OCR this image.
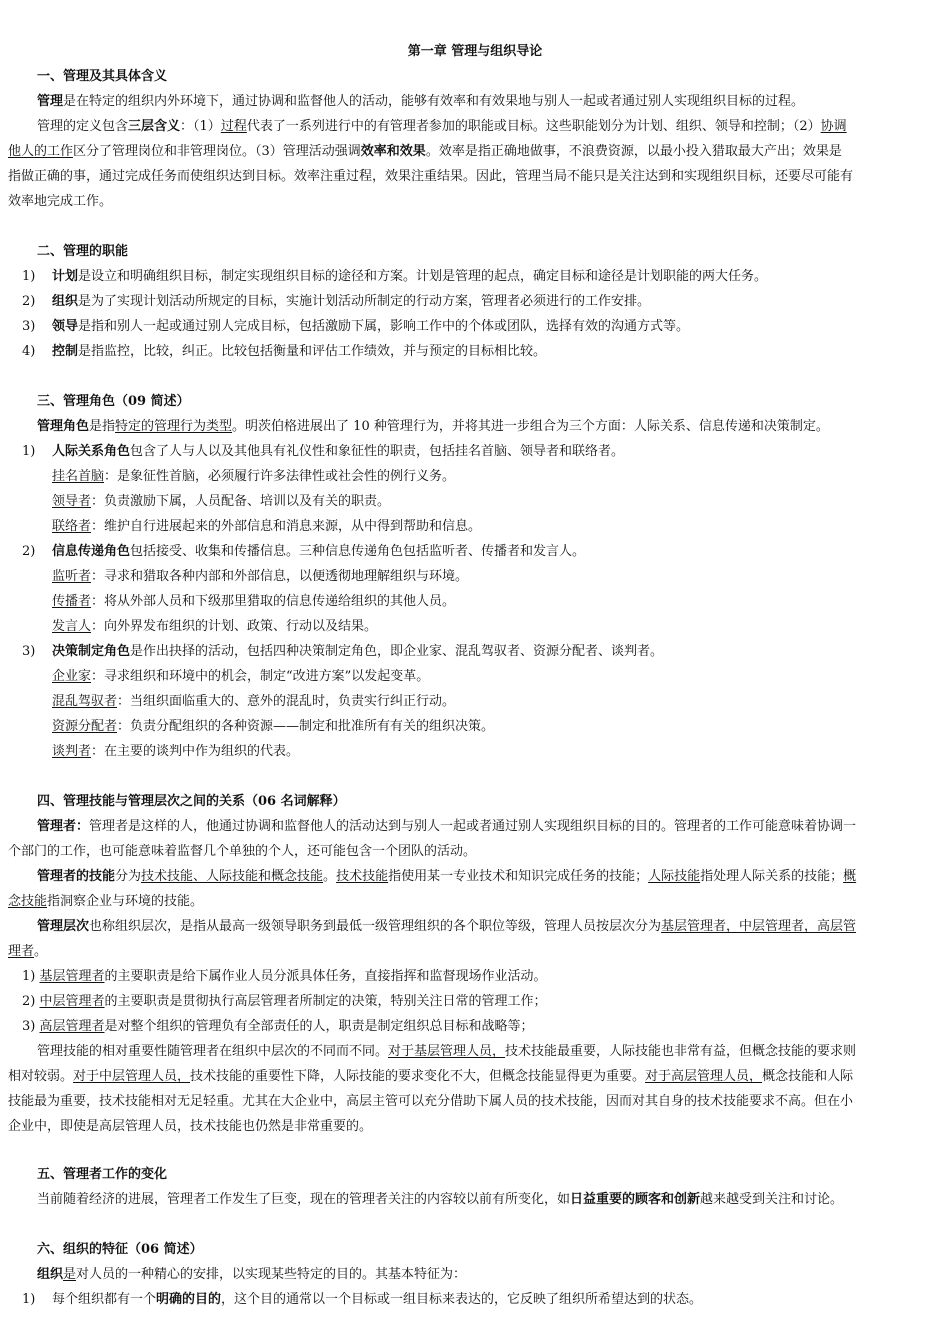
第一章 管理与组织导论
一、管理及其具体含义
管理是在特定的组织内外环境下，通过协调和监督他人的活动，能够有效率和有效果地与别人一起或者通过别人实现组织目标的过程。
管理的定义包含三层含义：（1）过程代表了一系列进行中的有管理者参加的职能或目标。这些职能划分为计划、组织、领导和控制；（2）协调
他人的工作区分了管理岗位和非管理岗位。（3）管理活动强调效率和效果。效率是指正确地做事，不浪费资源，以最小投入猎取最大产出；效果是
指做正确的事，通过完成任务而使组织达到目标。效率注重过程，效果注重结果。因此，管理当局不能只是关注达到和实现组织目标，还要尽可能有
效率地完成工作。
二、管理的职能
1)	计划是设立和明确组织目标，制定实现组织目标的途径和方案。计划是管理的起点，确定目标和途径是计划职能的两大任务。
2)	组织是为了实现计划活动所规定的目标，实施计划活动所制定的行动方案，管理者必须进行的工作安排。
3)	领导是指和别人一起或通过别人完成目标，包括激励下属，影响工作中的个体或团队，选择有效的沟通方式等。
4)	控制是指监控，比较，纠正。比较包括衡量和评估工作绩效，并与预定的目标相比较。
三、管理角色（09 简述）
管理角色是指特定的管理行为类型。明茨伯格进展出了 10 种管理行为，并将其进一步组合为三个方面：人际关系、信息传递和决策制定。
1)	人际关系角色包含了人与人以及其他具有礼仪性和象征性的职责，包括挂名首脑、领导者和联络者。
挂名首脑：是象征性首脑，必须履行许多法律性或社会性的例行义务。
领导者：负责激励下属，人员配备、培训以及有关的职责。
联络者：维护自行进展起来的外部信息和消息来源，从中得到帮助和信息。
2)	信息传递角色包括接受、收集和传播信息。三种信息传递角色包括监听者、传播者和发言人。
监听者：寻求和猎取各种内部和外部信息，以便透彻地理解组织与环境。
传播者：将从外部人员和下级那里猎取的信息传递给组织的其他人员。
发言人：向外界发布组织的计划、政策、行动以及结果。
3)	决策制定角色是作出抉择的活动，包括四种决策制定角色，即企业家、混乱驾驭者、资源分配者、谈判者。
企业家：寻求组织和环境中的机会，制定“改进方案”以发起变革。
混乱驾驭者：当组织面临重大的、意外的混乱时，负责实行纠正行动。
资源分配者：负责分配组织的各种资源——制定和批准所有有关的组织决策。
谈判者：在主要的谈判中作为组织的代表。
四、管理技能与管理层次之间的关系（06 名词解释）
管理者：管理者是这样的人，他通过协调和监督他人的活动达到与别人一起或者通过别人实现组织目标的目的。管理者的工作可能意味着协调一
个部门的工作，也可能意味着监督几个单独的个人，还可能包含一个团队的活动。
管理者的技能分为技术技能、人际技能和概念技能。技术技能指使用某一专业技术和知识完成任务的技能；人际技能指处理人际关系的技能；概
念技能指洞察企业与环境的技能。
管理层次也称组织层次，是指从最高一级领导职务到最低一级管理组织的各个职位等级，管理人员按层次分为基层管理者，中层管理者，高层管
理者。
1) 基层管理者的主要职责是给下属作业人员分派具体任务，直接指挥和监督现场作业活动。
2) 中层管理者的主要职责是贯彻执行高层管理者所制定的决策，特别关注日常的管理工作；
3) 高层管理者是对整个组织的管理负有全部责任的人，职责是制定组织总目标和战略等；
管理技能的相对重要性随管理者在组织中层次的不同而不同。对于基层管理人员，技术技能最重要，人际技能也非常有益，但概念技能的要求则
相对较弱。对于中层管理人员，技术技能的重要性下降，人际技能的要求变化不大，但概念技能显得更为重要。对于高层管理人员，概念技能和人际
技能最为重要，技术技能相对无足轻重。尤其在大企业中，高层主管可以充分借助下属人员的技术技能，因而对其自身的技术技能要求不高。但在小
企业中，即使是高层管理人员，技术技能也仍然是非常重要的。
五、管理者工作的变化
当前随着经济的进展，管理者工作发生了巨变，现在的管理者关注的内容较以前有所变化，如日益重要的顾客和创新越来越受到关注和讨论。
六、组织的特征（06 简述）
组织是对人员的一种精心的安排，以实现某些特定的目的。其基本特征为：
1)	每个组织都有一个明确的目的，这个目的通常以一个目标或一组目标来表达的，它反映了组织所希望达到的状态。
